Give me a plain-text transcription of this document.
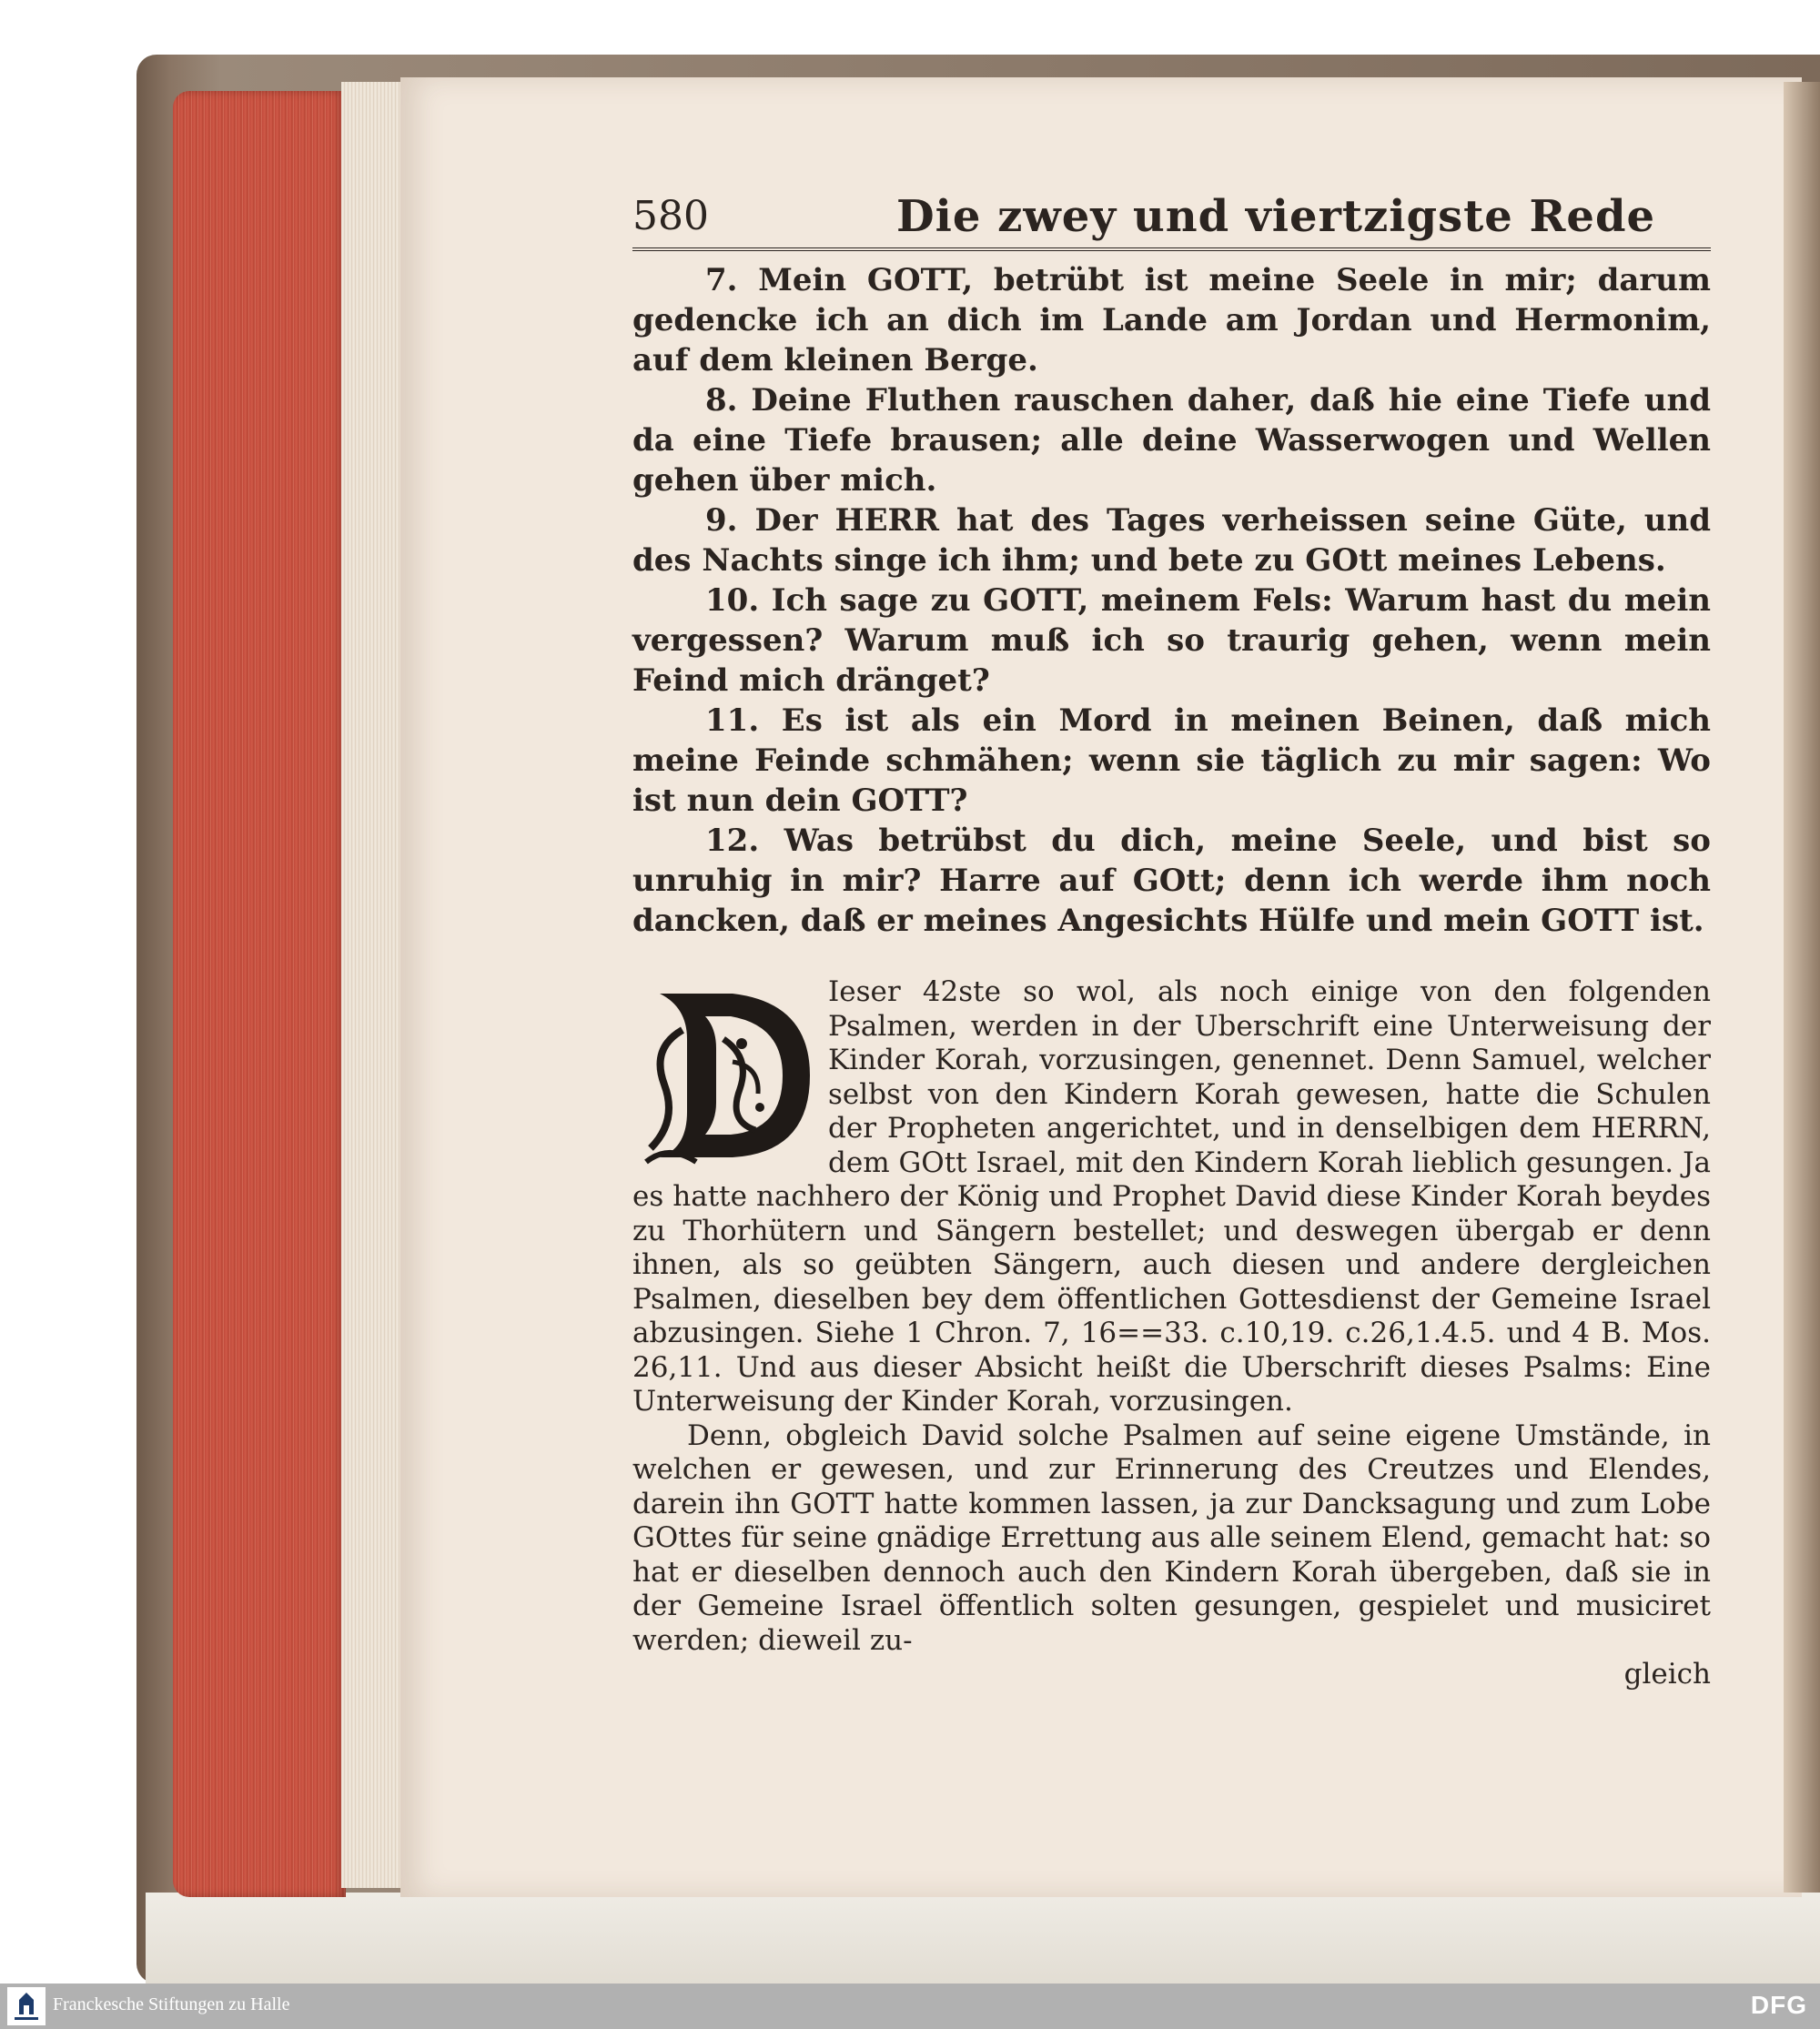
580	Die zwey und viertzigste Rede

7. Mein GOTT, betrübt ist meine Seele in mir; darum gedencke ich an dich im Lande am Jordan und Hermonim, auf dem kleinen Berge.

8. Deine Fluthen rauschen daher, daß hie eine Tiefe und da eine Tiefe brausen; alle deine Wasserwogen und Wellen gehen über mich.

9. Der HERR hat des Tages verheissen seine Güte, und des Nachts singe ich ihm; und bete zu GOtt meines Lebens.

10. Ich sage zu GOTT, meinem Fels: Warum hast du mein vergessen? Warum muß ich so traurig gehen, wenn mein Feind mich dränget?

11. Es ist als ein Mord in meinen Beinen, daß mich meine Feinde schmähen; wenn sie täglich zu mir sagen: Wo ist nun dein GOTT?

12. Was betrübst du dich, meine Seele, und bist so unruhig in mir? Harre auf GOtt; denn ich werde ihm noch dancken, daß er meines Angesichts Hülfe und mein GOTT ist.

Ieser 42ste so wol, als noch einige von den folgenden Psalmen, werden in der Uberschrift eine Unterweisung der Kinder Korah, vorzusingen, genennet. Denn Samuel, welcher selbst von den Kindern Korah gewesen, hatte die Schulen der Propheten angerichtet, und in denselbigen dem HERRN, dem GOtt Israel, mit den Kindern Korah lieblich gesungen. Ja es hatte nachhero der König und Prophet David diese Kinder Korah beydes zu Thorhütern und Sängern bestellet; und deswegen übergab er denn ihnen, als so geübten Sängern, auch diesen und andere dergleichen Psalmen, dieselben bey dem öffentlichen Gottesdienst der Gemeine Israel abzusingen. Siehe 1 Chron. 7, 16==33. c.10,19. c.26,1.4.5. und 4 B. Mos. 26,11. Und aus dieser Absicht heißt die Uberschrift dieses Psalms: Eine Unterweisung der Kinder Korah, vorzusingen.

Denn, obgleich David solche Psalmen auf seine eigene Umstände, in welchen er gewesen, und zur Erinnerung des Creutzes und Elendes, darein ihn GOTT hatte kommen lassen, ja zur Dancksagung und zum Lobe GOttes für seine gnädige Errettung aus alle seinem Elend, gemacht hat: so hat er dieselben dennoch auch den Kindern Korah übergeben, daß sie in der Gemeine Israel öffentlich solten gesungen, gespielet und musiciret werden; dieweil zu-

gleich

Franckesche Stiftungen zu Halle	DFG
